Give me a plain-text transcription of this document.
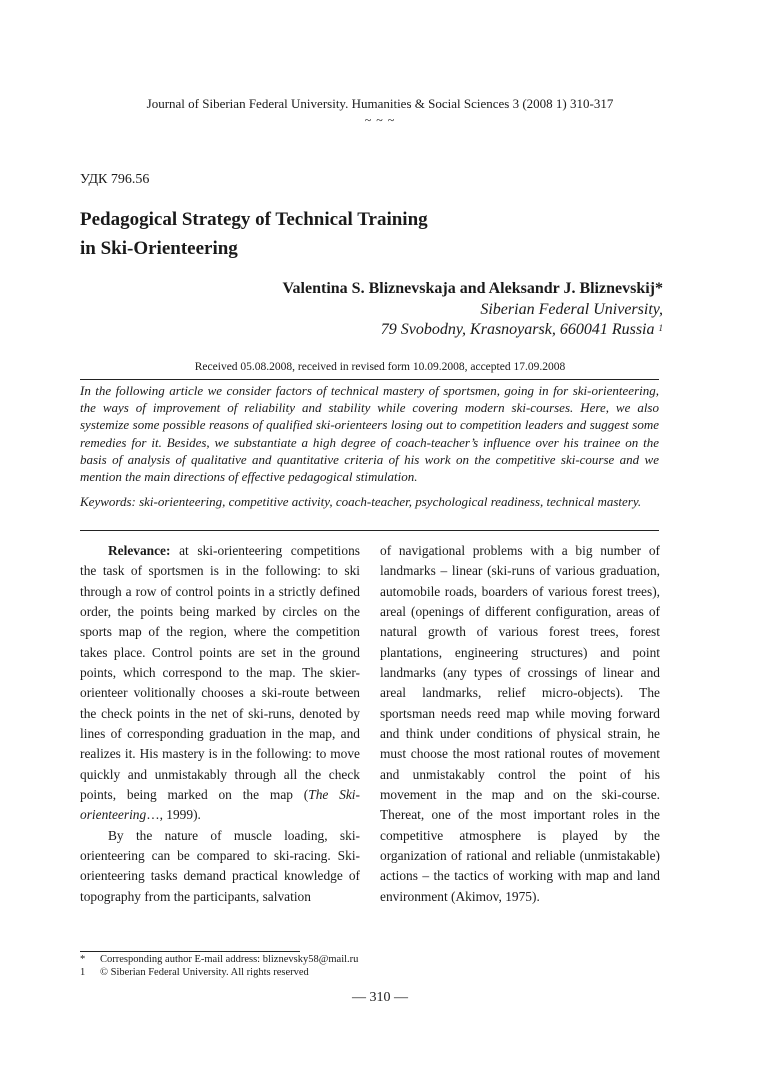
Journal of Siberian Federal University. Humanities & Social Sciences 3 (2008 1) 310-317
~ ~ ~
УДК 796.56
Pedagogical Strategy of Technical Training
in Ski-Orienteering
Valentina S. Bliznevskaja and Aleksandr J. Bliznevskij*
Siberian Federal University,
79 Svobodny, Krasnoyarsk, 660041 Russia $^1$
Received 05.08.2008, received in revised form 10.09.2008, accepted 17.09.2008
In the following article we consider factors of technical mastery of sportsmen, going in for ski-orienteering, the ways of improvement of reliability and stability while covering modern ski-courses. Here, we also systemize some possible reasons of qualified ski-orienteers losing out to competition leaders and suggest some remedies for it. Besides, we substantiate a high degree of coach-teacher’s influence over his trainee on the basis of analysis of qualitative and quantitative criteria of his work on the competitive ski-course and we mention the main directions of effective pedagogical stimulation.
Keywords: ski-orienteering, competitive activity, coach-teacher, psychological readiness, technical mastery.

Relevance: at ski-orienteering competitions the task of sportsmen is in the following: to ski through a row of control points in a strictly defined order, the points being marked by circles on the sports map of the region, where the competition takes place. Control points are set in the ground points, which correspond to the map. The skier-orienteer volitionally chooses a ski-route between the check points in the net of ski-runs, denoted by lines of corresponding graduation in the map, and realizes it. His mastery is in the following: to move quickly and unmistakably through all the check points, being marked on the map (The Ski-orienteering…, 1999).

By the nature of muscle loading, ski-orienteering can be compared to ski-racing. Ski-orienteering tasks demand practical knowledge of topography from the participants, salvation

of navigational problems with a big number of landmarks – linear (ski-runs of various graduation, automobile roads, boarders of various forest trees), areal (openings of different configuration, areas of natural growth of various forest trees, forest plantations, engineering structures) and point landmarks (any types of crossings of linear and areal landmarks, relief micro-objects). The sportsman needs reed map while moving forward and think under conditions of physical strain, he must choose the most rational routes of movement and unmistakably control the point of his movement in the map and on the ski-course. Thereat, one of the most important roles in the competitive atmosphere is played by the organization of rational and reliable (unmistakable) actions – the tactics of working with map and land environment (Akimov, 1975).

* Corresponding author E-mail address: bliznevsky58@mail.ru
1 © Siberian Federal University. All rights reserved
— 310 —
